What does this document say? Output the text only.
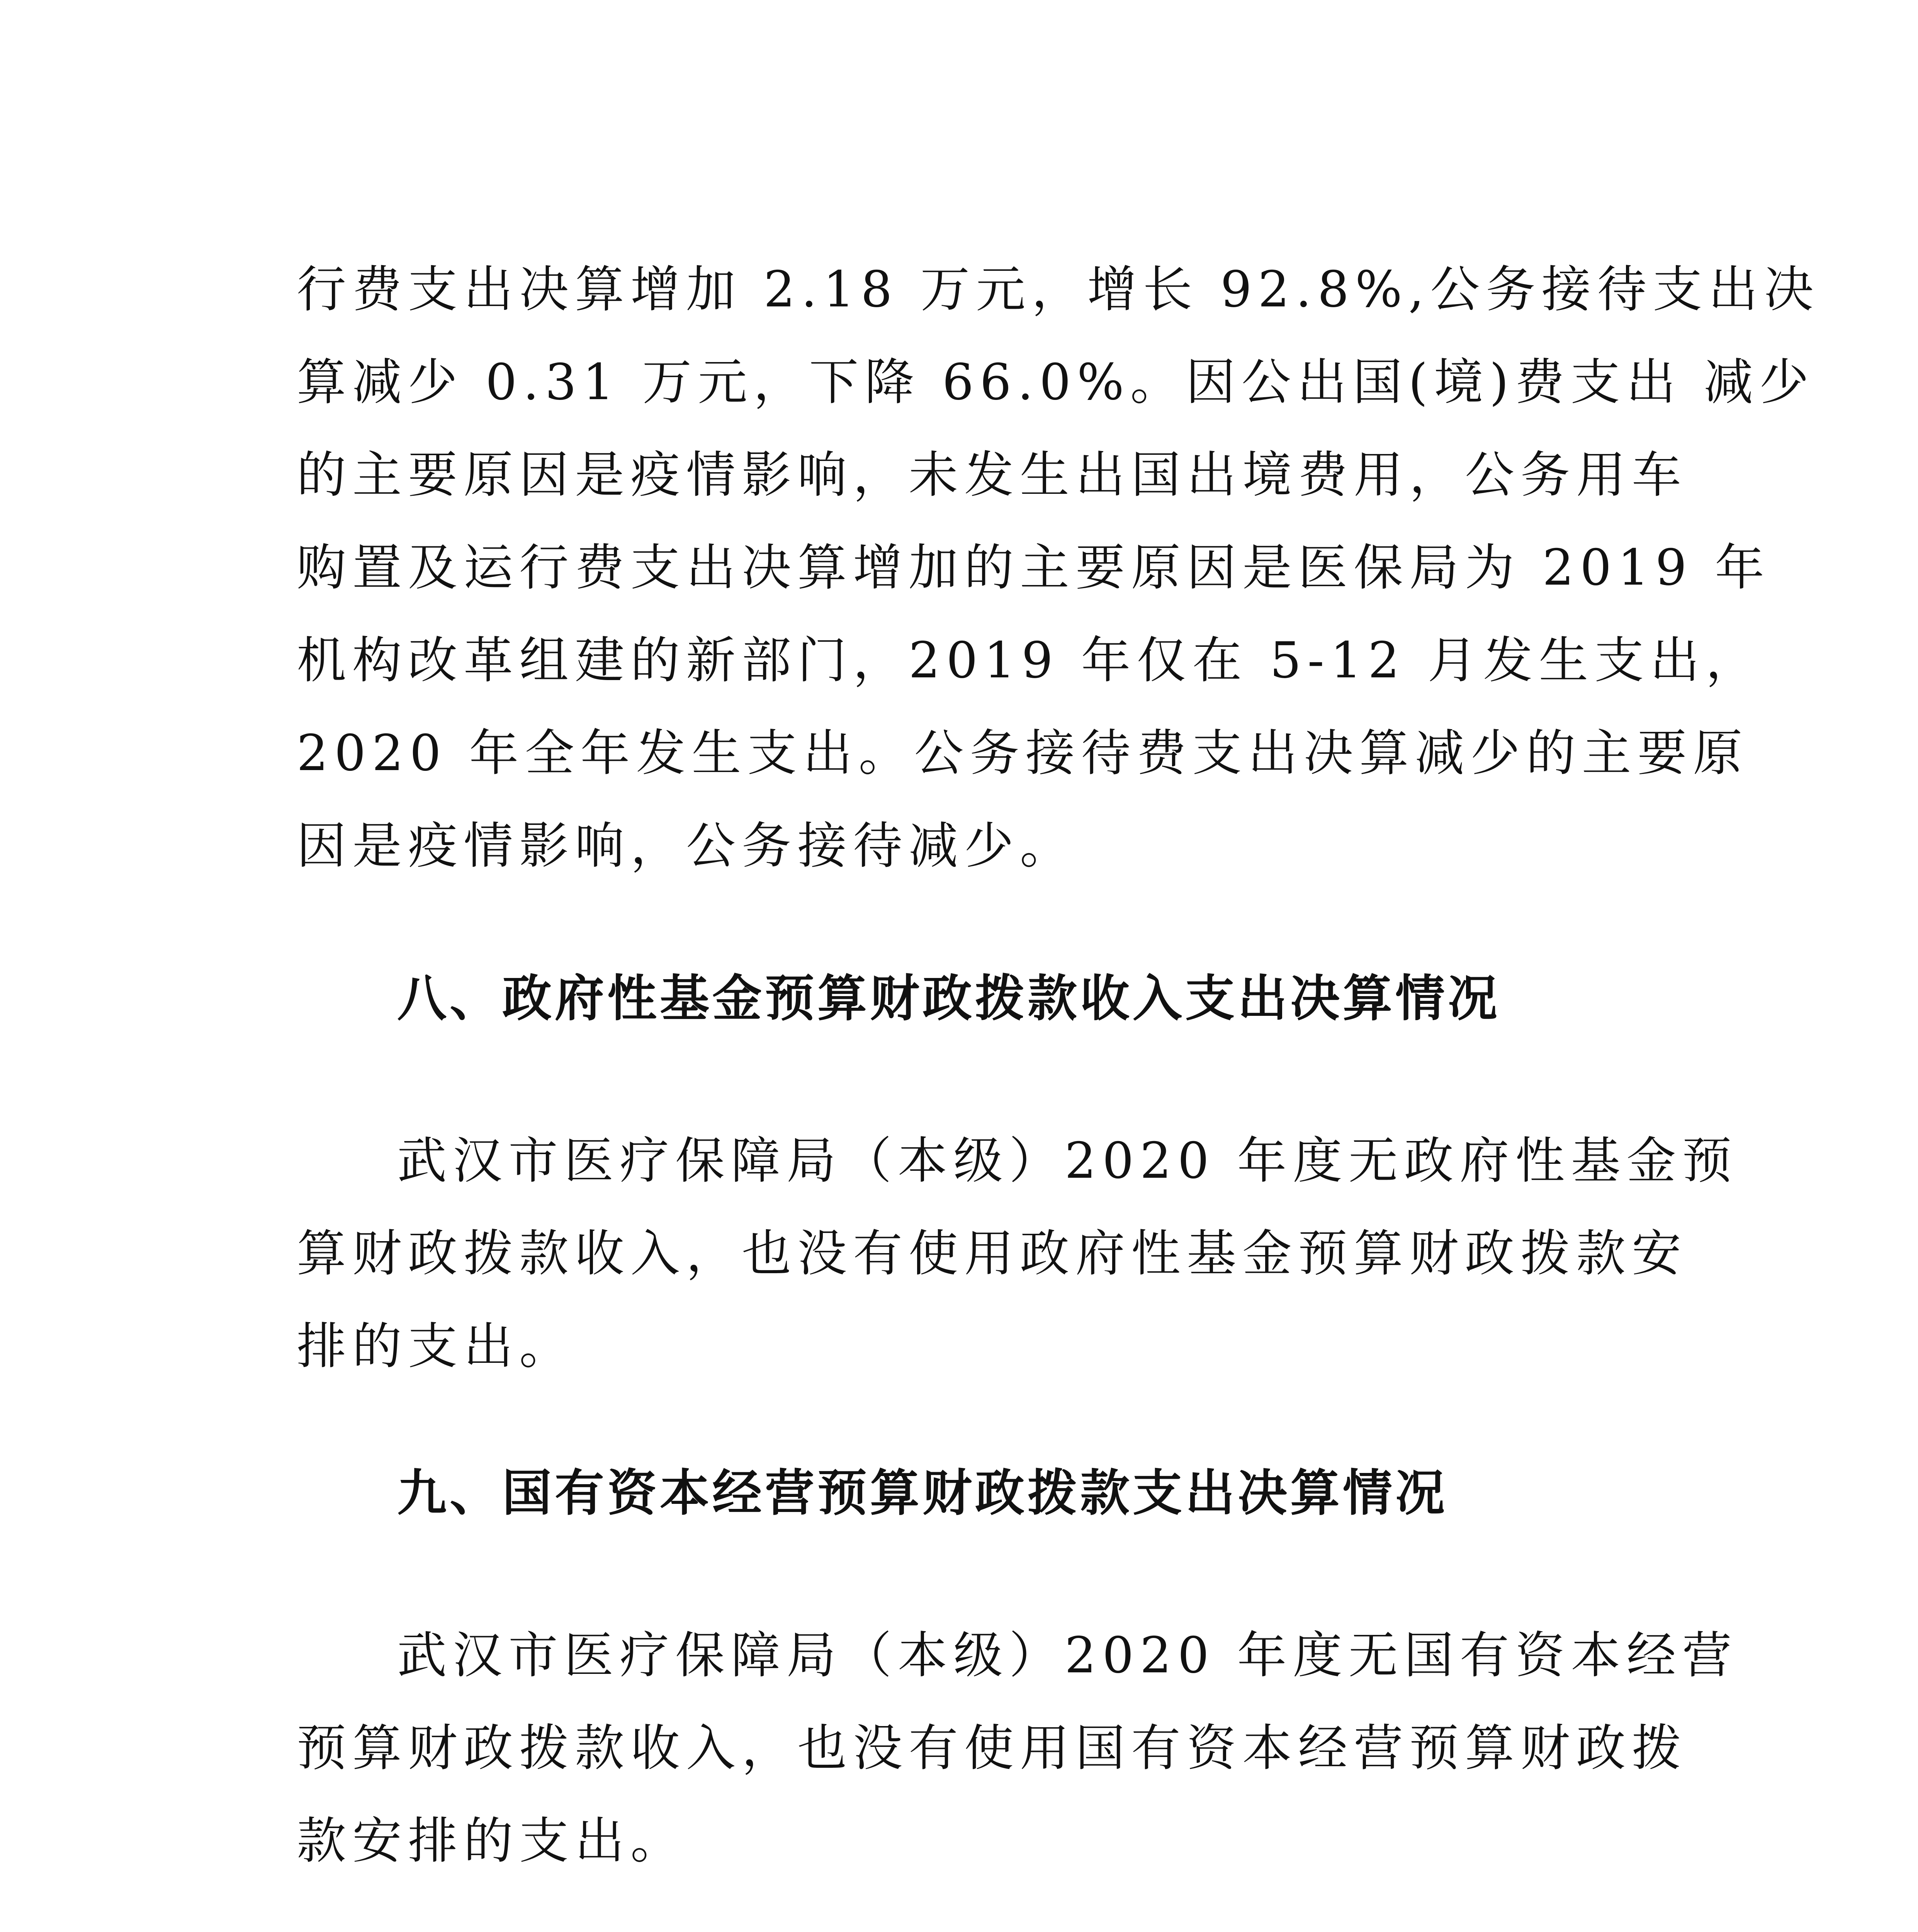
行费支出决算增加 2.18 万元，增长 92.8%,公务接待支出决
算减少 0.31 万元，下降 66.0%。因公出国(境)费支出 减少
的主要原因是疫情影响，未发生出国出境费用，公务用车
购置及运行费支出决算增加的主要原因是医保局为 2019 年
机构改革组建的新部门，2019 年仅在 5-12 月发生支出，
2020 年全年发生支出。公务接待费支出决算减少的主要原
因是疫情影响，公务接待减少。
八、政府性基金预算财政拨款收入支出决算情况
武汉市医疗保障局（本级）2020 年度无政府性基金预
算财政拨款收入，也没有使用政府性基金预算财政拨款安
排的支出。
九、国有资本经营预算财政拨款支出决算情况
武汉市医疗保障局（本级）2020 年度无国有资本经营
预算财政拨款收入，也没有使用国有资本经营预算财政拨
款安排的支出。
